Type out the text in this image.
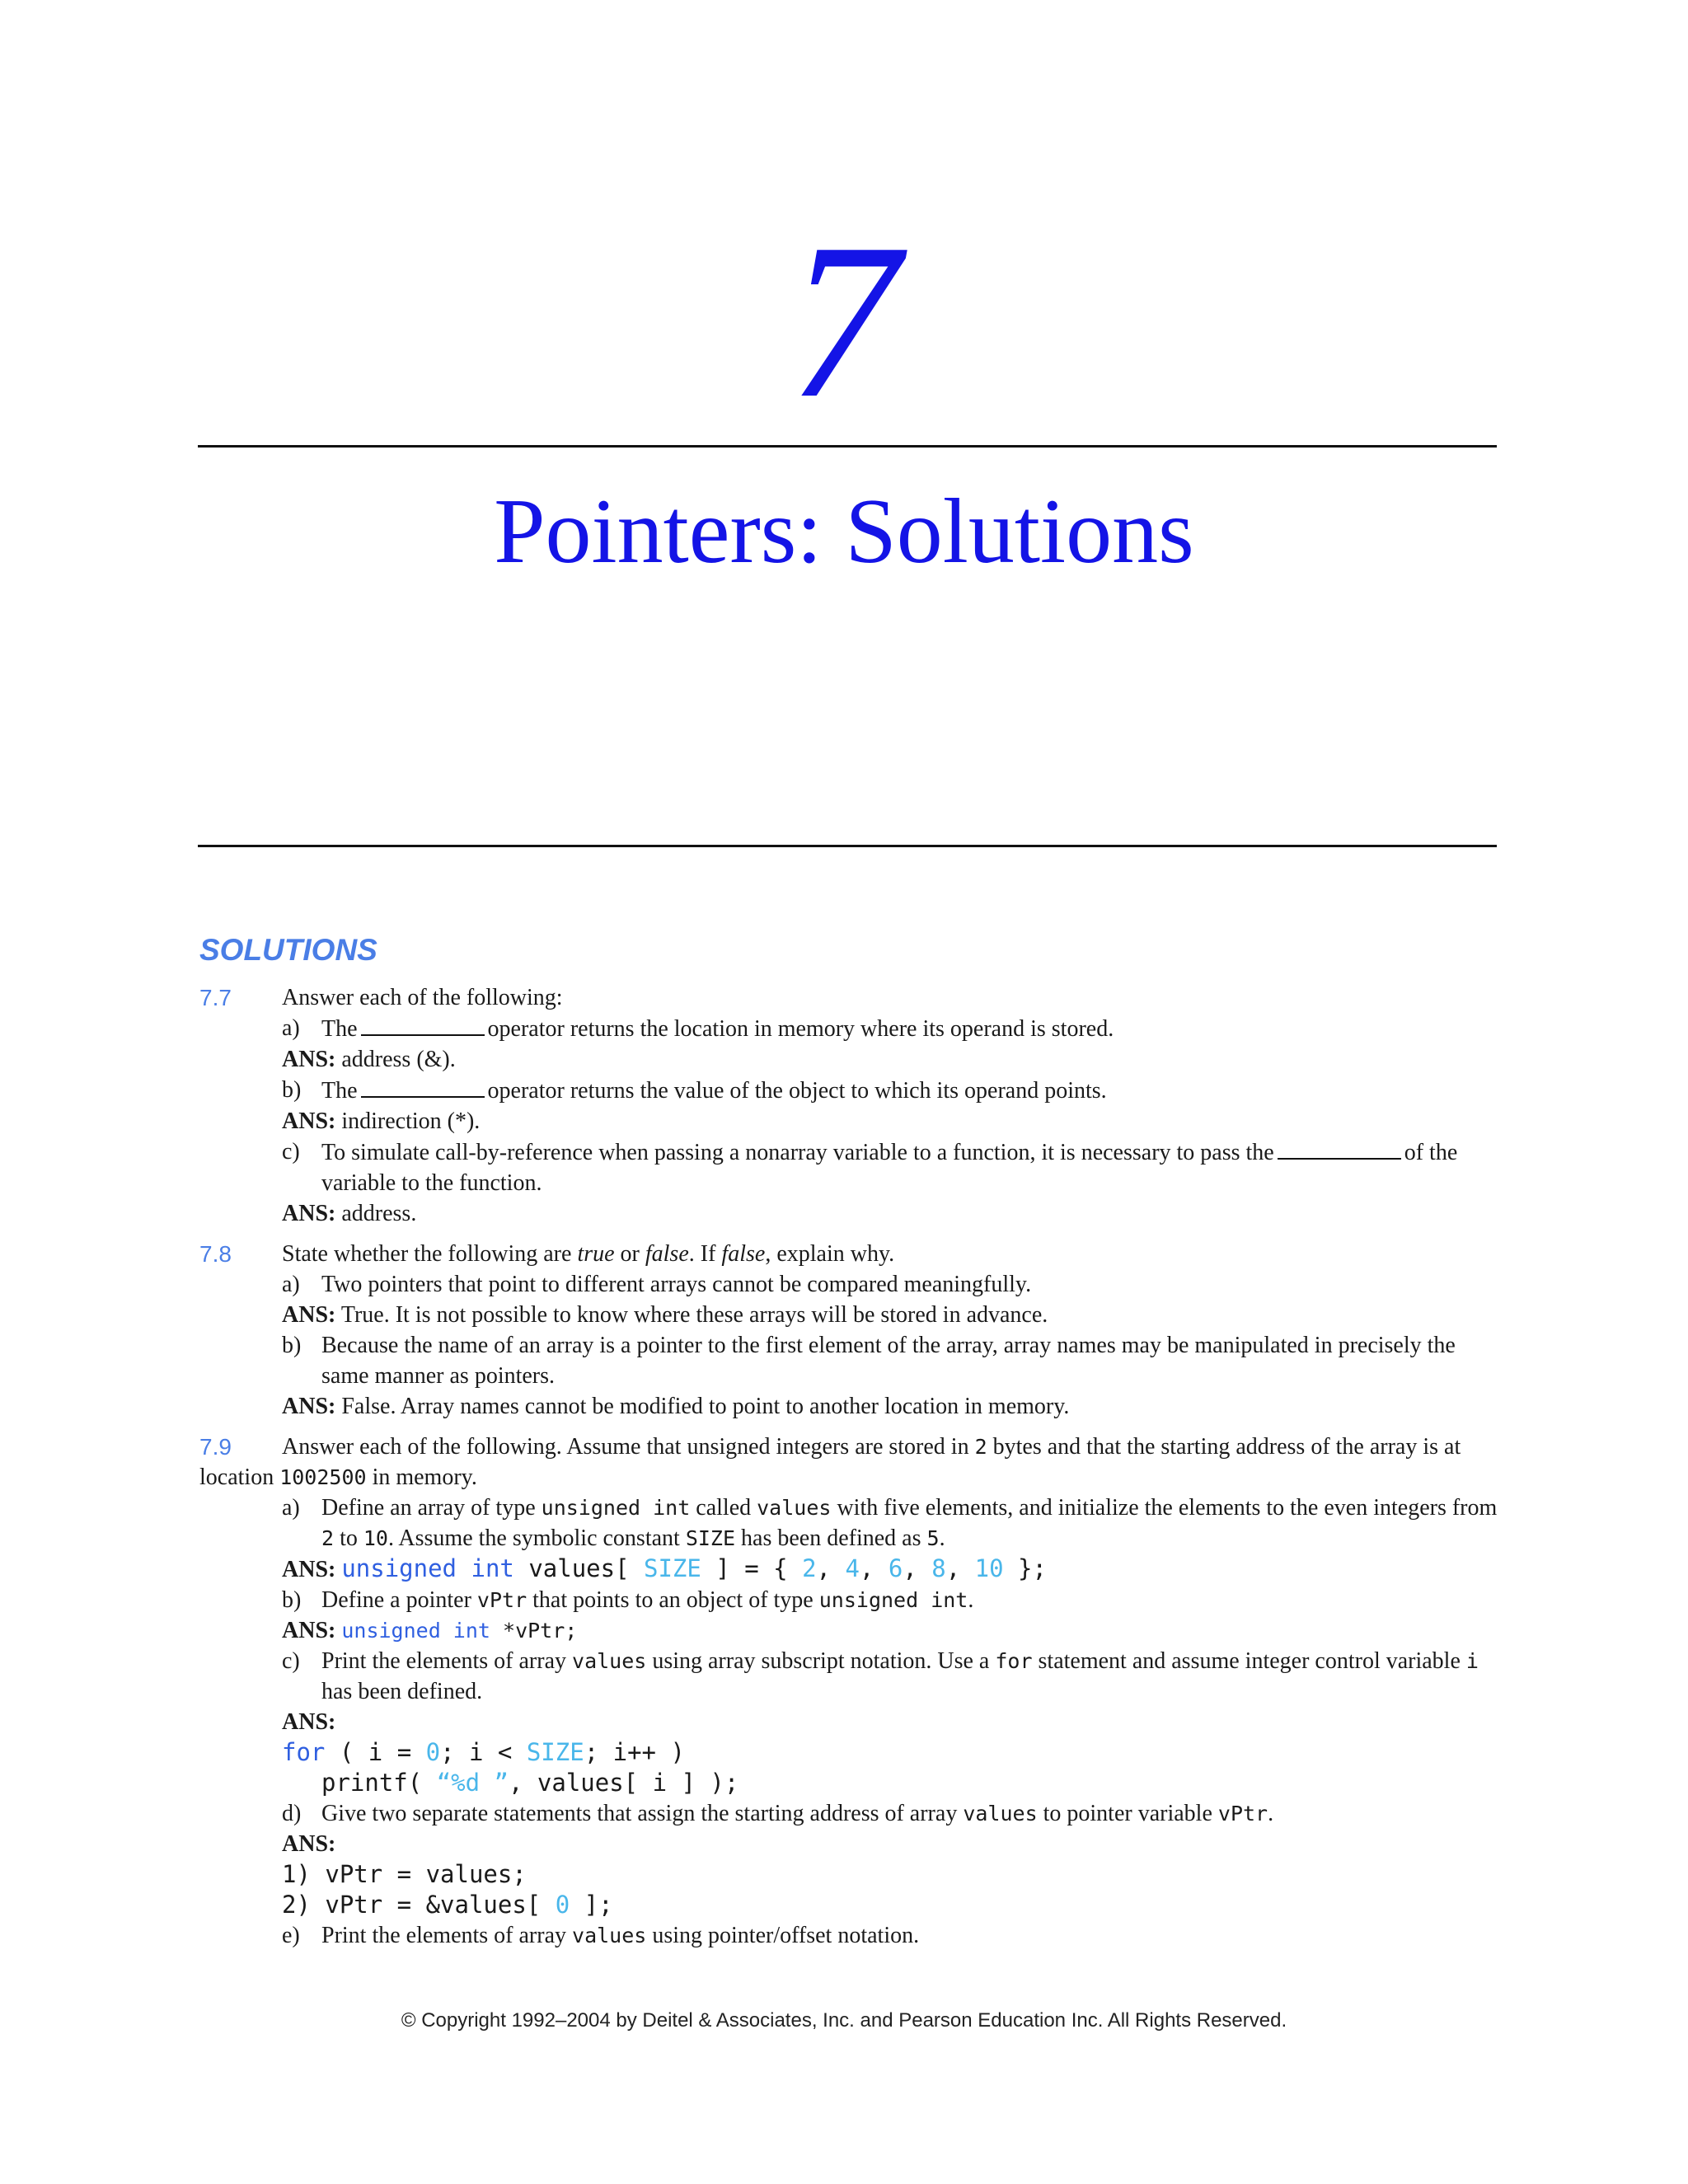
7
Pointers: Solutions
SOLUTIONS
7.7	Answer each of the following:
a) The	operator returns the location in memory where its operand is stored.
ANS: address (&).
b) The	operator returns the value of the object to which its operand points.
ANS: indirection (*).
c) To simulate call-by-reference when passing a nonarray variable to a function, it is necessary to pass the	of the variable to the function.
ANS: address.
7.8	State whether the following are true or false. If false, explain why.
a) Two pointers that point to different arrays cannot be compared meaningfully.
ANS: True. It is not possible to know where these arrays will be stored in advance.
b) Because the name of an array is a pointer to the first element of the array, array names may be manipulated in precisely the same manner as pointers.
ANS: False. Array names cannot be modified to point to another location in memory.
7.9	Answer each of the following. Assume that unsigned integers are stored in 2 bytes and that the starting address of the array is at location 1002500 in memory.
a) Define an array of type unsigned int called values with five elements, and initialize the elements to the even integers from 2 to 10. Assume the symbolic constant SIZE has been defined as 5.
ANS: unsigned int values[ SIZE ] = { 2, 4, 6, 8, 10 };
b) Define a pointer vPtr that points to an object of type unsigned int.
ANS: unsigned int *vPtr;
c) Print the elements of array values using array subscript notation. Use a for statement and assume integer control variable i has been defined.
ANS:
for ( i = 0; i < SIZE; i++ )
printf( “%d ”, values[ i ] );
d) Give two separate statements that assign the starting address of array values to pointer variable vPtr.
ANS:
1) vPtr = values;
2) vPtr = &values[ 0 ];
e) Print the elements of array values using pointer/offset notation.
© Copyright 1992–2004 by Deitel & Associates, Inc. and Pearson Education Inc. All Rights Reserved.
